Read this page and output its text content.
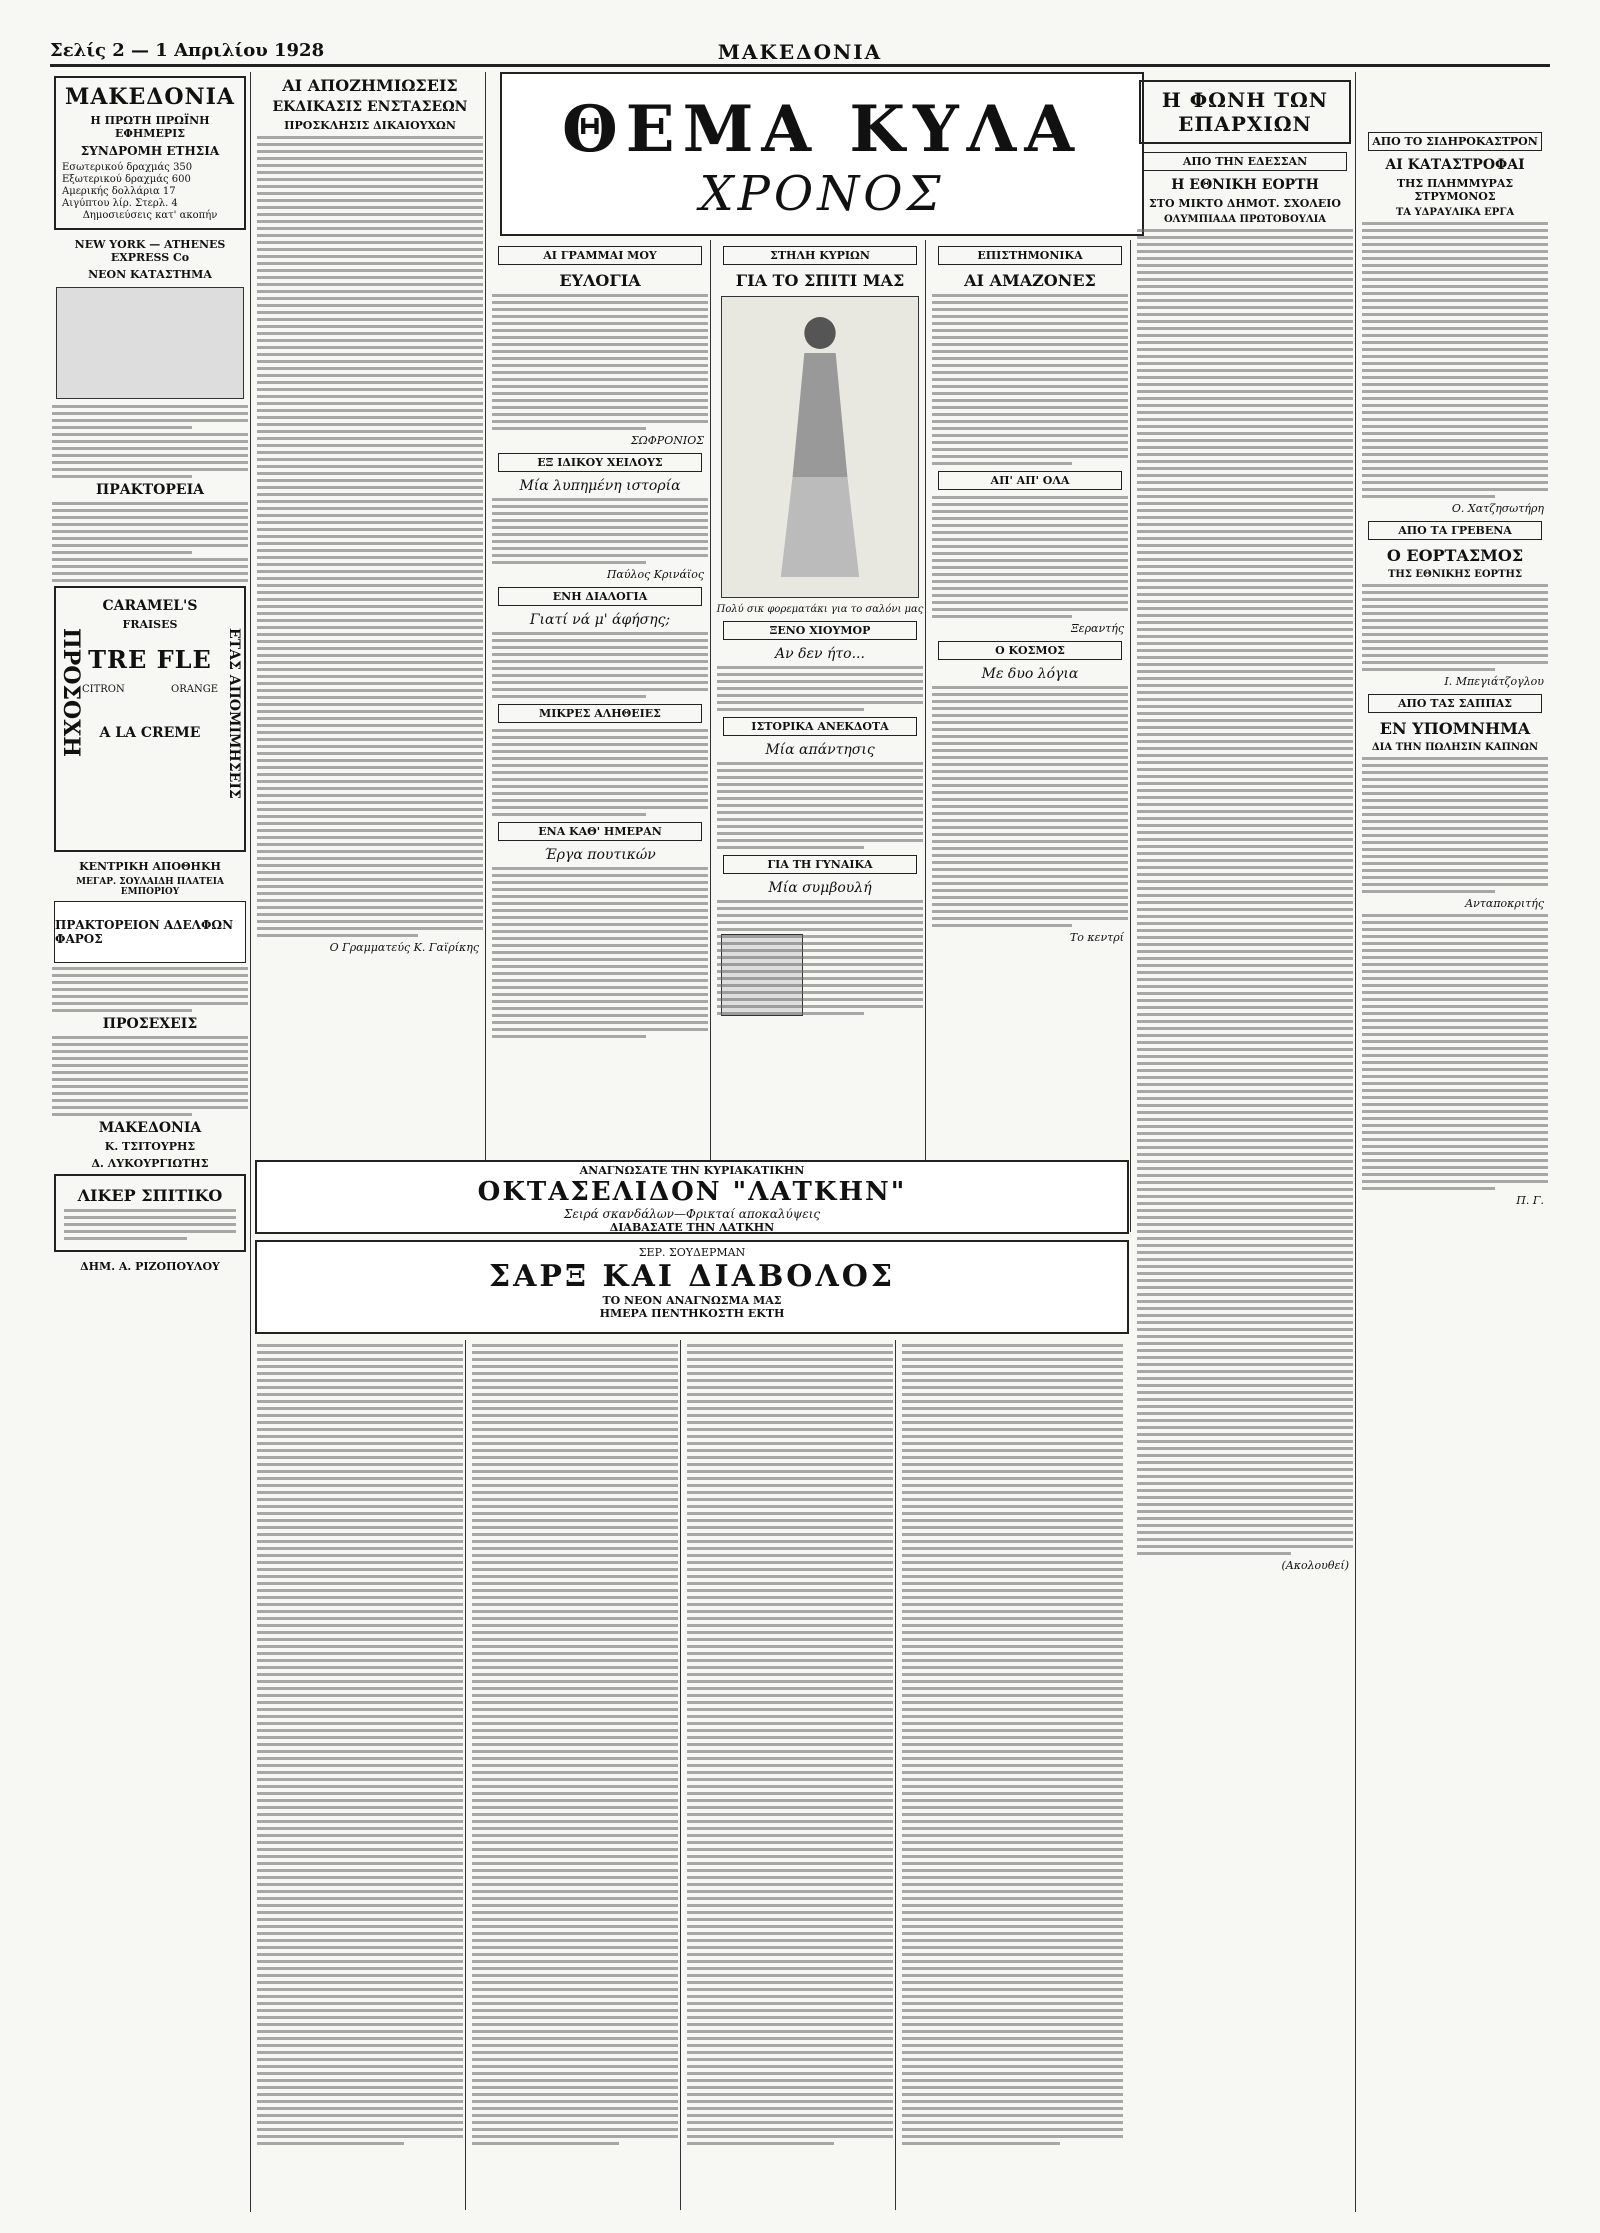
Σελίς 2 — 1 Απριλίου 1928	ΜΑΚΕΔΟΝΙΑ
ΜΑΚΕΔΟΝΙΑ
Η ΠΡΩΤΗ ΠΡΩΪΝΗ ΕΦΗΜΕΡΙΣ
ΣΥΝΔΡΟΜΗ ΕΤΗΣΙΑ
Εσωτερικού δραχμάς 350
Εξωτερικού δραχμάς 600
Αμερικής δολλάρια 17
Αιγύπτου λίρ. Στερλ. 4
Δημοσιεύσεις κατ' ακοπήν
NEW YORK — ATHENES EXPRESS Co
ΝΕΟΝ ΚΑΤΑΣΤΗΜΑ
ΠΡΑΚΤΟΡΕΙΑ
CARAMEL'S
FRAISES
TRE FLE
CITRON	ORANGE
A LA CREME
ΠΡΟΣΟΧΗ	ΕΤΑΣ ΑΠΟΜΙΜΗΣΕΙΣ
ΚΕΝΤΡΙΚΗ ΑΠΟΘΗΚΗ
ΜΕΓΑΡ. ΣΟΥΛΑΙΔΗ ΠΛΑΤΕΙΑ ΕΜΠΟΡΙΟΥ
ΠΡΑΚΤΟΡΕΙΟΝ ΑΔΕΛΦΩΝ ΦΑΡΟΣ
ΠΡΟΣΕΧΕΙΣ
ΜΑΚΕΔΟΝΙΑ
Κ. ΤΣΙΤΟΥΡΗΣ
Δ. ΛΥΚΟΥΡΓΙΩΤΗΣ
ΛΙΚΕΡ ΣΠΙΤΙΚΟ
ΔΗΜ. Α. ΡΙΖΟΠΟΥΛΟΥ
ΑΙ ΑΠΟΖΗΜΙΩΣΕΙΣ
ΕΚΔΙΚΑΣΙΣ ΕΝΣΤΑΣΕΩΝ
ΠΡΟΣΚΛΗΣΙΣ ΔΙΚΑΙΟΥΧΩΝ
Ο Γραμματεύς Κ. Γαϊρίκης
ΘΕΜΑ ΚΥΛΑ
ΧΡΟΝΟΣ
ΑΙ ΓΡΑΜΜΑΙ ΜΟΥ
ΕΥΛΟΓΙΑ
ΣΩΦΡΟΝΙΟΣ
ΕΞ ΙΔΙΚΟΥ ΧΕΙΛΟΥΣ
Μία λυπημένη ιστορία
Παύλος Κρινάϊος
ΕΝΗ ΔΙΑΛΟΓΙΑ
Γιατί νά μ' άφήσης;
ΜΙΚΡΕΣ ΑΛΗΘΕΙΕΣ
ΕΝΑ ΚΑΘ' ΗΜΕΡΑΝ
Έργα πουτικών
ΣΤΗΛΗ ΚΥΡΙΩΝ
ΓΙΑ ΤΟ ΣΠΙΤΙ ΜΑΣ
Πολύ σικ φορεματάκι για το σαλόνι μας
ΞΕΝΟ ΧΙΟΥΜΟΡ
Αν δεν ήτο...
ΙΣΤΟΡΙΚΑ ΑΝΕΚΔΟΤΑ
Μία απάντησις
ΓΙΑ ΤΗ ΓΥΝΑΙΚΑ
Μία συμβουλή
ΕΠΙΣΤΗΜΟΝΙΚΑ
ΑΙ ΑΜΑΖΟΝΕΣ
ΑΠ' ΑΠ' ΟΛΑ
Ξεραντής
Ο ΚΟΣΜΟΣ
Με δυο λόγια
Το κεντρί
Η ΦΩΝΗ ΤΩΝ ΕΠΑΡΧΙΩΝ
ΑΠΟ ΤΗΝ ΕΔΕΣΣΑΝ
Η ΕΘΝΙΚΗ ΕΟΡΤΗ
ΣΤΟ ΜΙΚΤΟ ΔΗΜΟΤ. ΣΧΟΛΕΙΟ
ΟΛΥΜΠΙΑΔΑ ΠΡΩΤΟΒΟΥΛΙΑ
(Ακολουθεί)
ΑΠΟ ΤΟ ΣΙΔΗΡΟΚΑΣΤΡΟΝ
ΑΙ ΚΑΤΑΣΤΡΟΦΑΙ
ΤΗΣ ΠΛΗΜΜΥΡΑΣ ΣΤΡΥΜΟΝΟΣ
ΤΑ ΥΔΡΑΥΛΙΚΑ ΕΡΓΑ
Ο. Χατζησωτήρη
ΑΠΟ ΤΑ ΓΡΕΒΕΝΑ
Ο ΕΟΡΤΑΣΜΟΣ
ΤΗΣ ΕΘΝΙΚΗΣ ΕΟΡΤΗΣ
Ι. Μπεγιάτζογλου
ΑΠΟ ΤΑΣ ΣΑΠΠΑΣ
ΕΝ ΥΠΟΜΝΗΜΑ
ΔΙΑ ΤΗΝ ΠΩΛΗΣΙΝ ΚΑΠΝΩΝ
Ανταποκριτής
Π. Γ.
ΑΝΑΓΝΩΣΑΤΕ ΤΗΝ ΚΥΡΙΑΚΑΤΙΚΗΝ
ΟΚΤΑΣΕΛΙΔΟΝ "ΛΑΤΚΗΝ"
Σειρά σκανδάλων—Φρικταί αποκαλύψεις
ΔΙΑΒΑΣΑΤΕ ΤΗΝ ΛΑΤΚΗΝ
ΣΕΡ. ΣΟΥΔΕΡΜΑΝ
ΣΑΡΞ ΚΑΙ ΔΙΑΒΟΛΟΣ
ΤΟ ΝΕΟΝ ΑΝΑΓΝΩΣΜΑ ΜΑΣ
ΗΜΕΡΑ ΠΕΝΤΗΚΟΣΤΗ ΕΚΤΗ
